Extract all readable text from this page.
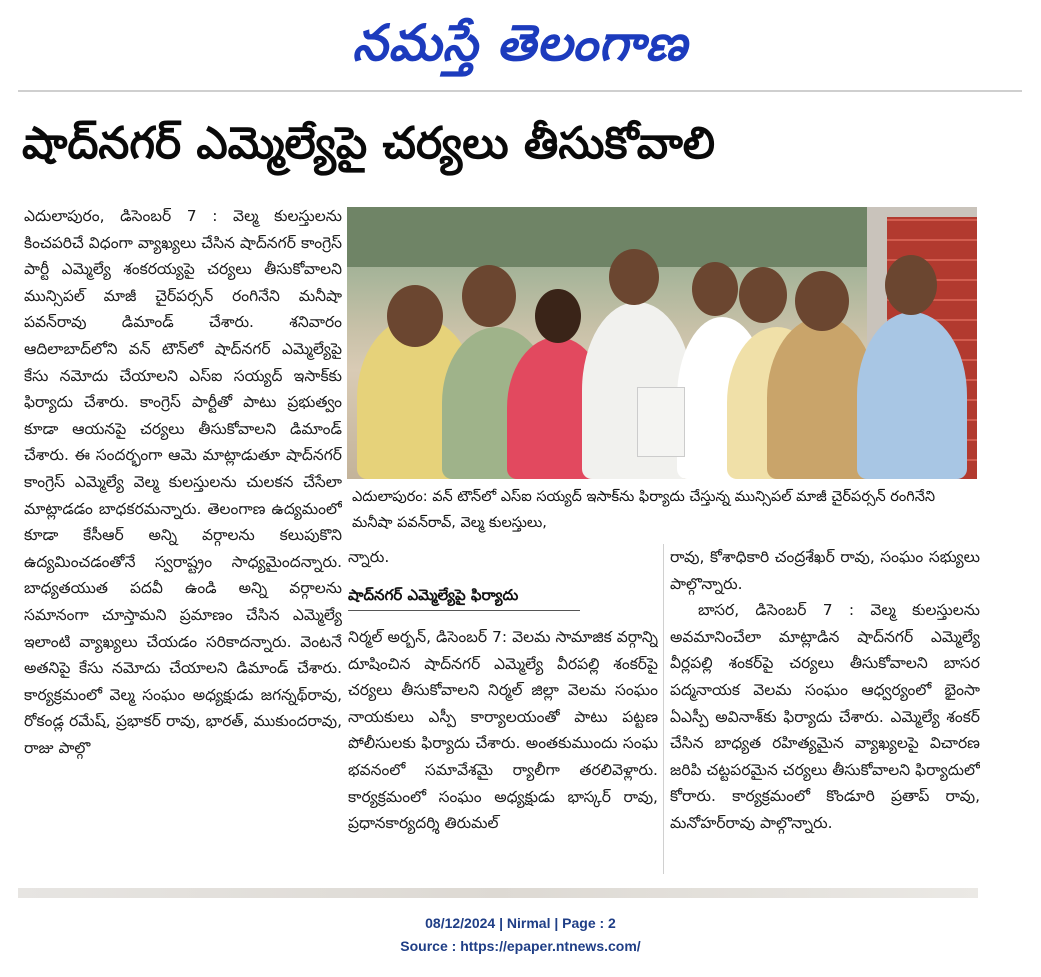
నమస్తే తెలంగాణ
షాద్‌నగర్‌ ఎమ్మెల్యేపై చర్యలు తీసుకోవాలి
ఎదులాపురం, డిసెంబర్‌ 7 : వెల్మ కులస్తులను కించపరిచే విధంగా వ్యాఖ్యలు చేసిన షాద్‌నగర్‌ కాంగ్రెస్‌ పార్టీ ఎమ్మెల్యే శంకరయ్యపై చర్యలు తీసుకోవాలని మున్సిపల్‌ మాజీ చైర్‌పర్సన్‌ రంగినేని మనీషా పవన్‌రావు డిమాండ్‌ చేశారు. శనివారం ఆదిలాబాద్‌లోని వన్‌ టౌన్‌లో షాద్‌నగర్‌ ఎమ్మెల్యేపై కేసు నమోదు చేయాలని ఎస్‌ఐ సయ్యద్‌ ఇసాక్‌కు ఫిర్యాదు చేశారు. కాంగ్రెస్‌ పార్టీతో పాటు ప్రభుత్వం కూడా ఆయనపై చర్యలు తీసుకోవాలని డిమాండ్‌ చేశారు. ఈ సందర్భంగా ఆమె మాట్లాడుతూ షాద్‌నగర్‌ కాంగ్రెస్‌ ఎమ్మెల్యే వెల్మ కులస్తులను చులకన చేసేలా మాట్లాడడం బాధకరమన్నారు. తెలంగాణ ఉద్యమంలో కూడా కేసీఆర్‌ అన్ని వర్గాలను కలుపుకొని ఉద్యమించడంతోనే స్వరాష్ట్రం సాధ్యమైందన్నారు. బాధ్యతయుత పదవీ ఉండి అన్ని వర్గాలను సమానంగా చూస్తామని ప్రమాణం చేసిన ఎమ్మెల్యే ఇలాంటి వ్యాఖ్యలు చేయడం సరికాదన్నారు. వెంటనే అతనిపై కేసు నమోదు చేయాలని డిమాండ్‌ చేశారు. కార్యక్రమంలో వెల్మ సంఘం అధ్యక్షుడు జగన్నథ్‌రావు, రోకండ్ల రమేష్‌, ప్రభాకర్‌ రావు, భారత్‌, ముకుందరావు, రాజు పాల్గొ
ఎదులాపురం: వన్‌ టౌన్‌లో ఎస్‌ఐ సయ్యద్‌ ఇసాక్‌ను ఫిర్యాదు చేస్తున్న మున్సిపల్‌ మాజీ చైర్‌పర్సన్‌ రంగినేని మనీషా పవన్‌రావ్‌, వెల్మ కులస్తులు,
న్నారు.
షాద్‌నగర్‌ ఎమ్మెల్యేపై ఫిర్యాదు
నిర్మల్‌ అర్బన్‌, డిసెంబర్‌ 7: వెలమ సామాజిక వర్గాన్ని దూషించిన షాద్‌నగర్‌ ఎమ్మెల్యే వీరపల్లి శంకర్‌పై చర్యలు తీసుకోవాలని నిర్మల్‌ జిల్లా వెలమ సంఘం నాయకులు ఎస్పీ కార్యాలయంతో పాటు పట్టణ పోలీసులకు ఫిర్యాదు చేశారు. అంతకుముందు సంఘ భవనంలో సమావేశమై ర్యాలీగా తరలివెళ్లారు. కార్యక్రమంలో సంఘం అధ్యక్షుడు భాస్కర్‌ రావు, ప్రధానకార్యదర్శి తిరుమల్‌
రావు, కోశాధికారి చంద్రశేఖర్‌ రావు, సంఘం సభ్యులు పాల్గొన్నారు.
బాసర, డిసెంబర్‌ 7 : వెల్మ కులస్తులను అవమానించేలా మాట్లాడిన షాద్‌నగర్‌ ఎమ్మెల్యే వీర్లపల్లి శంకర్‌పై చర్యలు తీసుకోవాలని బాసర పద్మనాయక వెలమ సంఘం ఆధ్వర్యంలో భైంసా ఏఎస్పీ అవినాశ్‌కు ఫిర్యాదు చేశారు. ఎమ్మెల్యే శంకర్‌ చేసిన బాధ్యత రహిత్యమైన వ్యాఖ్యలపై విచారణ జరిపి చట్టపరమైన చర్యలు తీసుకోవాలని ఫిర్యాదులో కోరారు. కార్యక్రమంలో కొండూరి ప్రతాప్‌ రావు, మనోహర్‌రావు పాల్గొన్నారు.
08/12/2024 | Nirmal | Page : 2
Source : https://epaper.ntnews.com/
